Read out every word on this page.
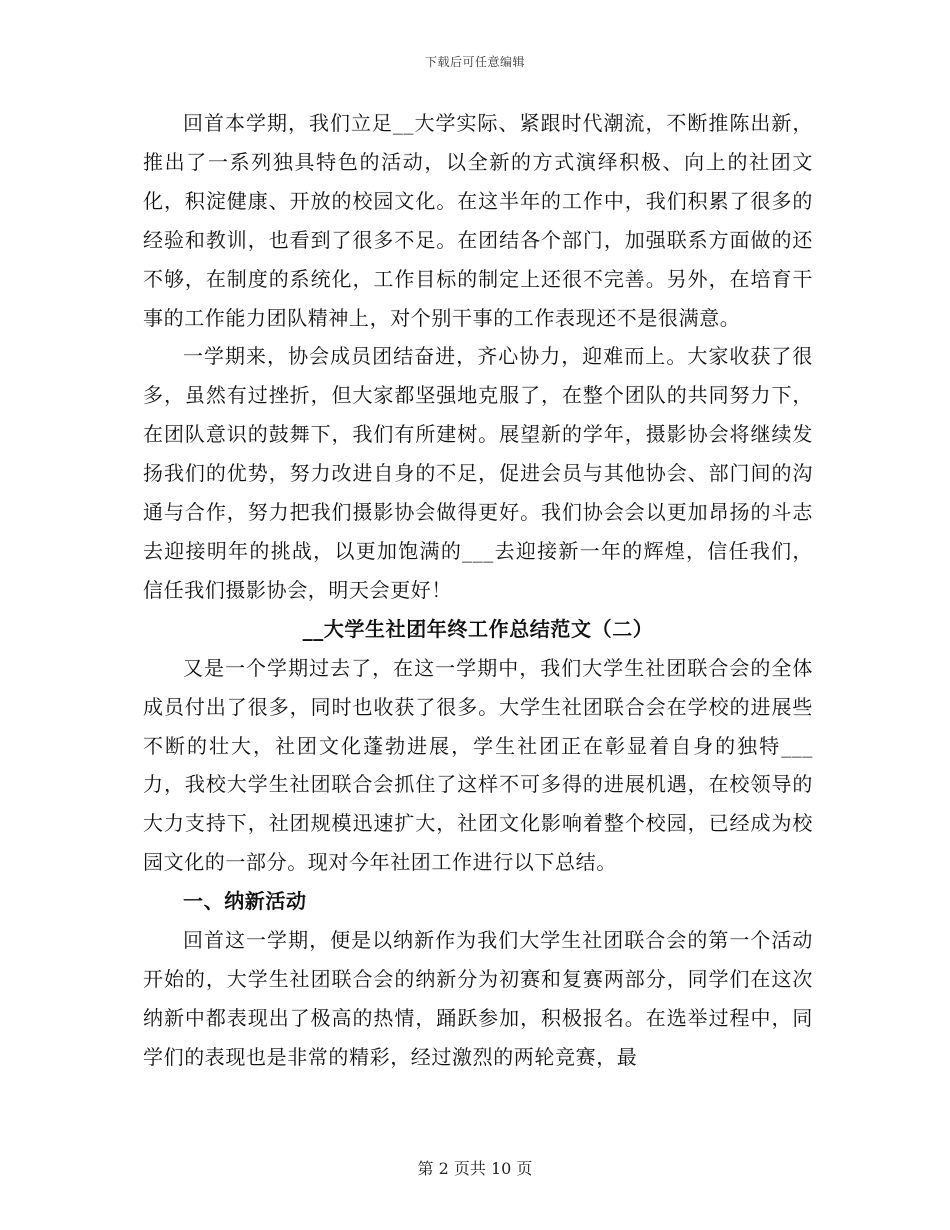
下载后可任意编辑

回首本学期，我们立足__大学实际、紧跟时代潮流，不断推陈出新，推出了一系列独具特色的活动，以全新的方式演绎积极、向上的社团文化，积淀健康、开放的校园文化。在这半年的工作中，我们积累了很多的经验和教训，也看到了很多不足。在团结各个部门，加强联系方面做的还不够，在制度的系统化，工作目标的制定上还很不完善。另外，在培育干事的工作能力团队精神上，对个别干事的工作表现还不是很满意。

一学期来，协会成员团结奋进，齐心协力，迎难而上。大家收获了很多，虽然有过挫折，但大家都坚强地克服了，在整个团队的共同努力下，在团队意识的鼓舞下，我们有所建树。展望新的学年，摄影协会将继续发扬我们的优势，努力改进自身的不足，促进会员与其他协会、部门间的沟通与合作，努力把我们摄影协会做得更好。我们协会会以更加昂扬的斗志去迎接明年的挑战，以更加饱满的___去迎接新一年的辉煌，信任我们，信任我们摄影协会，明天会更好！

__大学生社团年终工作总结范文（二）

又是一个学期过去了，在这一学期中，我们大学生社团联合会的全体成员付出了很多，同时也收获了很多。大学生社团联合会在学校的进展些不断的壮大，社团文化蓬勃进展，学生社团正在彰显着自身的独特___力，我校大学生社团联合会抓住了这样不可多得的进展机遇，在校领导的大力支持下，社团规模迅速扩大，社团文化影响着整个校园，已经成为校园文化的一部分。现对今年社团工作进行以下总结。

一、纳新活动

回首这一学期，便是以纳新作为我们大学生社团联合会的第一个活动开始的，大学生社团联合会的纳新分为初赛和复赛两部分，同学们在这次纳新中都表现出了极高的热情，踊跃参加，积极报名。在选举过程中，同学们的表现也是非常的精彩，经过激烈的两轮竞赛，最

第 2 页共 10 页
